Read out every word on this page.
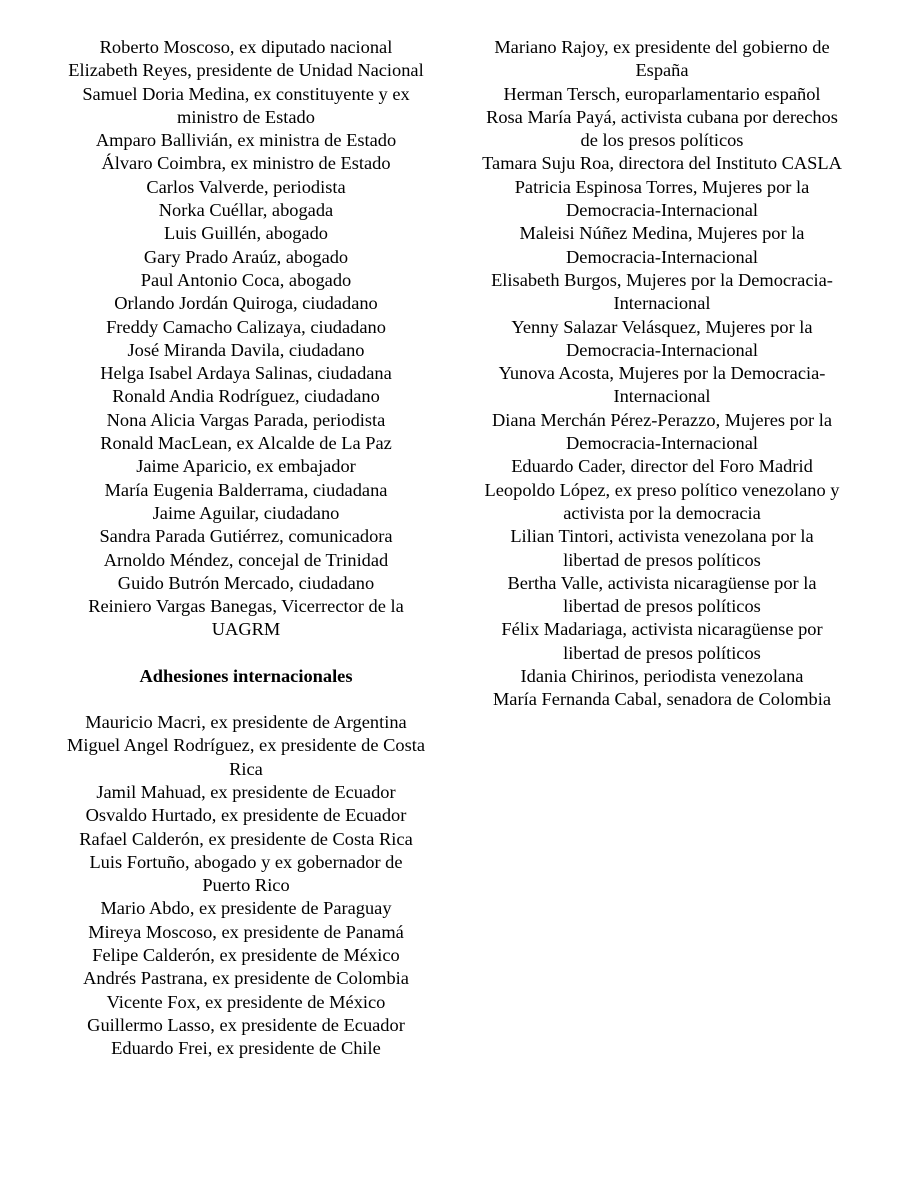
Roberto Moscoso, ex diputado nacional

Elizabeth Reyes, presidente de Unidad Nacional

Samuel Doria Medina, ex constituyente y ex ministro de Estado

Amparo Ballivián, ex ministra de Estado

Álvaro Coimbra, ex ministro de Estado

Carlos Valverde, periodista

Norka Cuéllar, abogada

Luis Guillén, abogado

Gary Prado Araúz, abogado

Paul Antonio Coca, abogado

Orlando Jordán Quiroga, ciudadano

Freddy Camacho Calizaya, ciudadano

José Miranda Davila, ciudadano

Helga Isabel Ardaya Salinas, ciudadana

Ronald Andia Rodríguez, ciudadano

Nona Alicia Vargas Parada, periodista

Ronald MacLean, ex Alcalde de La Paz

Jaime Aparicio, ex embajador

María Eugenia Balderrama, ciudadana

Jaime Aguilar, ciudadano

Sandra Parada Gutiérrez, comunicadora

Arnoldo Méndez, concejal de Trinidad

Guido Butrón Mercado, ciudadano

Reiniero Vargas Banegas, Vicerrector de la UAGRM

Adhesiones internacionales

Mauricio Macri, ex presidente de Argentina

Miguel Angel Rodríguez, ex presidente de Costa Rica

Jamil Mahuad, ex presidente de Ecuador

Osvaldo Hurtado, ex presidente de Ecuador

Rafael Calderón, ex presidente de Costa Rica

Luis Fortuño, abogado y ex gobernador de Puerto Rico

Mario Abdo, ex presidente de Paraguay

Mireya Moscoso, ex presidente de Panamá

Felipe Calderón, ex presidente de México

Andrés Pastrana, ex presidente de Colombia

Vicente Fox, ex presidente de México

Guillermo Lasso, ex presidente de Ecuador

Eduardo Frei, ex presidente de Chile

Mariano Rajoy, ex presidente del gobierno de España

Herman Tersch, europarlamentario español

Rosa María Payá, activista cubana por derechos de los presos políticos

Tamara Suju Roa, directora del Instituto CASLA

Patricia Espinosa Torres, Mujeres por la Democracia-Internacional

Maleisi Núñez Medina, Mujeres por la Democracia-Internacional

Elisabeth Burgos, Mujeres por la Democracia-Internacional

Yenny Salazar Velásquez, Mujeres por la Democracia-Internacional

Yunova Acosta, Mujeres por la Democracia-Internacional

Diana Merchán Pérez-Perazzo, Mujeres por la Democracia-Internacional

Eduardo Cader, director del Foro Madrid

Leopoldo López, ex preso político venezolano y activista por la democracia

Lilian Tintori, activista venezolana por la libertad de presos políticos

Bertha Valle, activista nicaragüense por la libertad de presos políticos

Félix Madariaga, activista nicaragüense por libertad de presos políticos

Idania Chirinos, periodista venezolana

María Fernanda Cabal, senadora de Colombia
